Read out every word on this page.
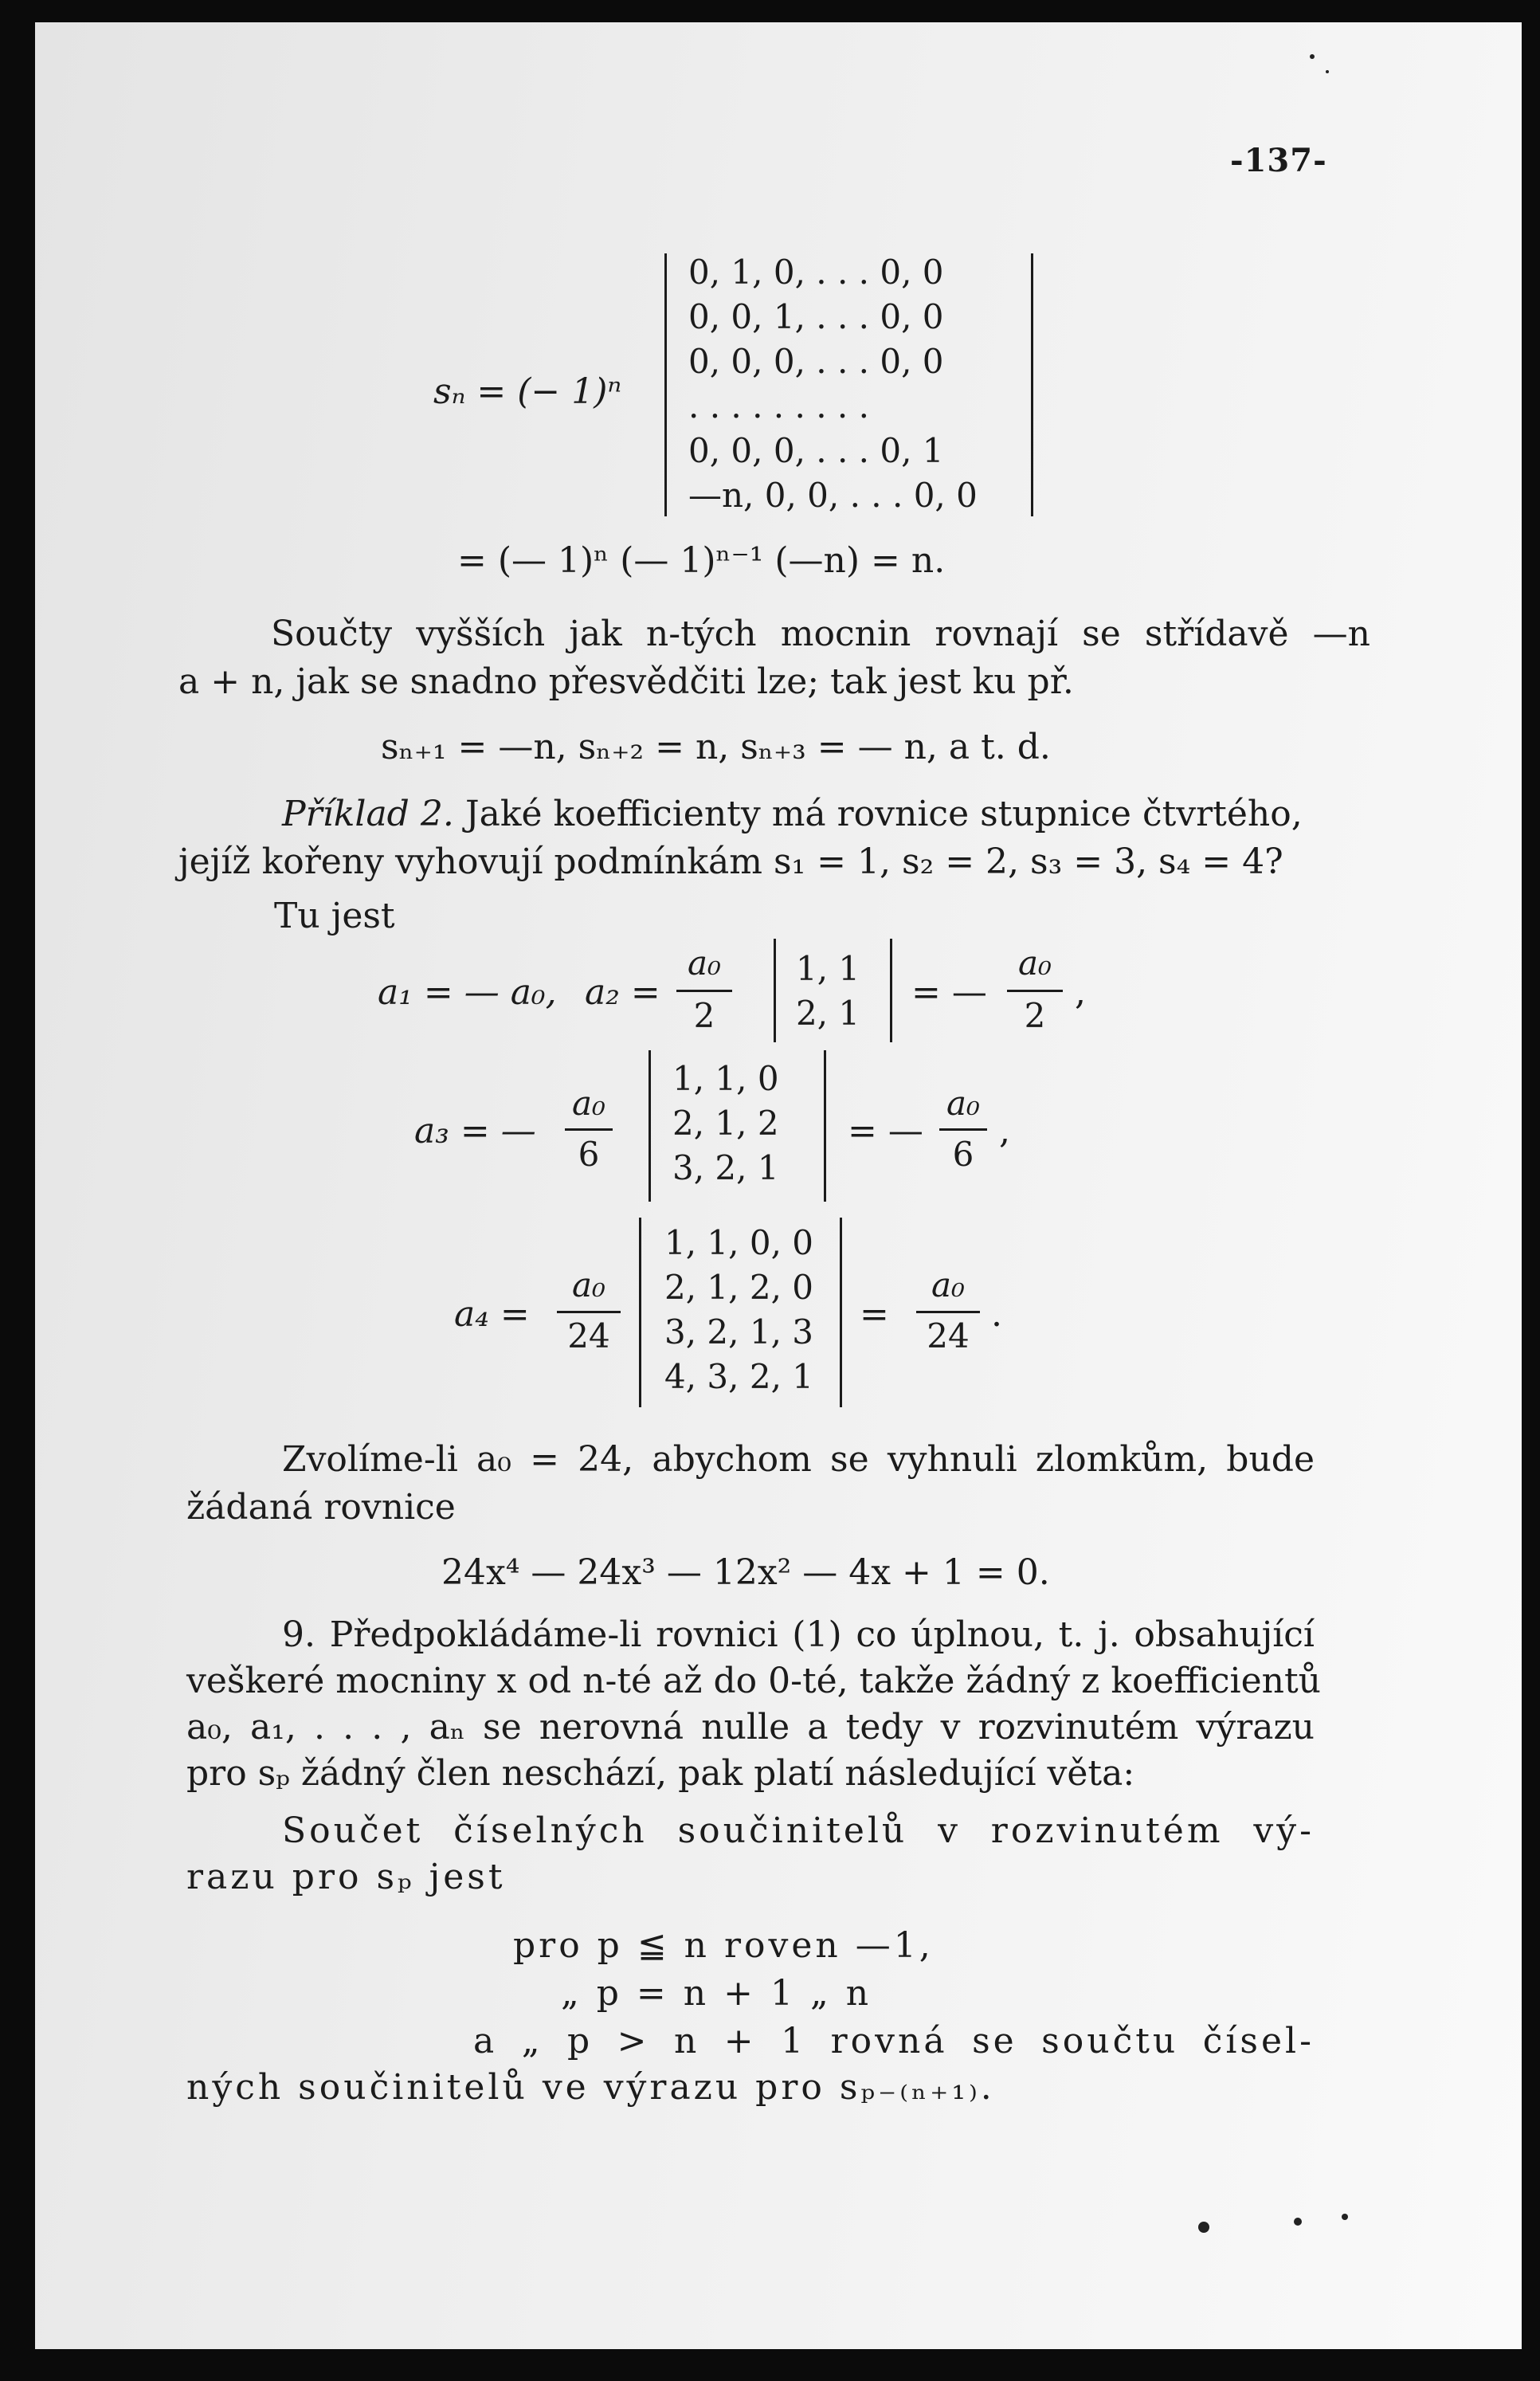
-137-
sₙ = (− 1)ⁿ
0, 1, 0, . . . 0, 0
0, 0, 1, . . . 0, 0
0, 0, 0, . . . 0, 0
. . . . . . . . .
0, 0, 0, . . . 0, 1
—n, 0, 0, . . . 0, 0
= (— 1)ⁿ (— 1)ⁿ⁻¹ (—n) = n.
Součty vyšších jak n-tých mocnin rovnají se střídavě —n
a + n, jak se snadno přesvědčiti lze; tak jest ku př.
sₙ₊₁ = —n, sₙ₊₂ = n, sₙ₊₃ = — n, a t. d.
Příklad 2. Jaké koefficienty má rovnice stupnice čtvrtého,
jejíž kořeny vyhovují podmínkám s₁ = 1, s₂ = 2, s₃ = 3, s₄ = 4?
Tu jest
a₁ = — a₀, a₂ =
a₀
2
1, 1
2, 1
= —
a₀
2
,
a₃ = —
a₀
6
1, 1, 0
2, 1, 2
3, 2, 1
= —
a₀
6
,
a₄ =
a₀
24
1, 1, 0, 0
2, 1, 2, 0
3, 2, 1, 3
4, 3, 2, 1
=
a₀
24
.
Zvolíme-li a₀ = 24, abychom se vyhnuli zlomkům, bude
žádaná rovnice
24x⁴ — 24x³ — 12x² — 4x + 1 = 0.
9. Předpokládáme-li rovnici (1) co úplnou, t. j. obsahující
veškeré mocniny x od n-té až do 0-té, takže žádný z koefficientů
a₀, a₁, . . . , aₙ se nerovná nulle a tedy v rozvinutém výrazu
pro sₚ žádný člen neschází, pak platí následující věta:
Součet číselných součinitelů v rozvinutém vý-
razu pro sₚ jest
pro p ≦ n roven —1,
„ p = n + 1 „ n
a „ p > n + 1 rovná se součtu čísel-
ných součinitelů ve výrazu pro sₚ₋₍ₙ₊₁₎.
